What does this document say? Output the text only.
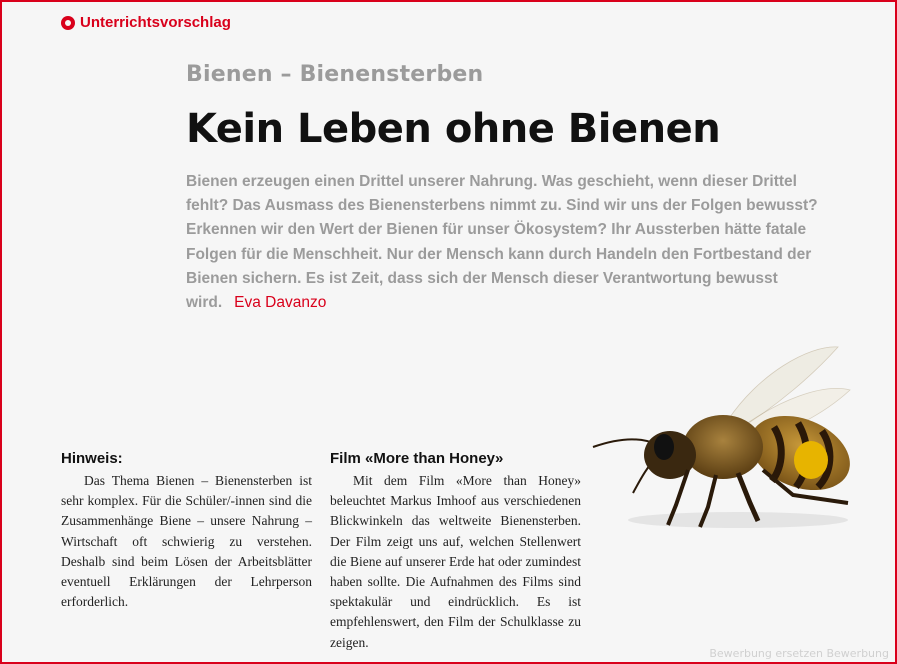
Unterrichtsvorschlag
Bienen – Bienensterben
Kein Leben ohne Bienen
Bienen erzeugen einen Drittel unserer Nahrung. Was geschieht, wenn dieser Drittel fehlt? Das Ausmass des Bienensterbens nimmt zu. Sind wir uns der Folgen bewusst? Erkennen wir den Wert der Bienen für unser Ökosystem? Ihr Aussterben hätte fatale Folgen für die Menschheit. Nur der Mensch kann durch Handeln den Fortbestand der Bienen sichern. Es ist Zeit, dass sich der Mensch dieser Verantwortung bewusst wird. Eva Davanzo
Hinweis:

Das Thema Bienen – Bienensterben ist sehr komplex. Für die Schüler/-innen sind die Zusammenhänge Biene – unsere Nahrung – Wirtschaft oft schwierig zu verstehen. Deshalb sind beim Lösen der Arbeitsblätter eventuell Erklärungen der Lehrperson erforderlich.

Film «More than Honey»

Mit dem Film «More than Honey» beleuchtet Markus Imhoof aus verschiedenen Blickwinkeln das weltweite Bienensterben. Der Film zeigt uns auf, welchen Stellenwert die Biene auf unserer Erde hat oder zumindest haben sollte. Die Aufnahmen des Films sind spektakulär und eindrücklich. Es ist empfehlenswert, den Film der Schulklasse zu zeigen.

Bewerbung ersetzen Bewerbung
